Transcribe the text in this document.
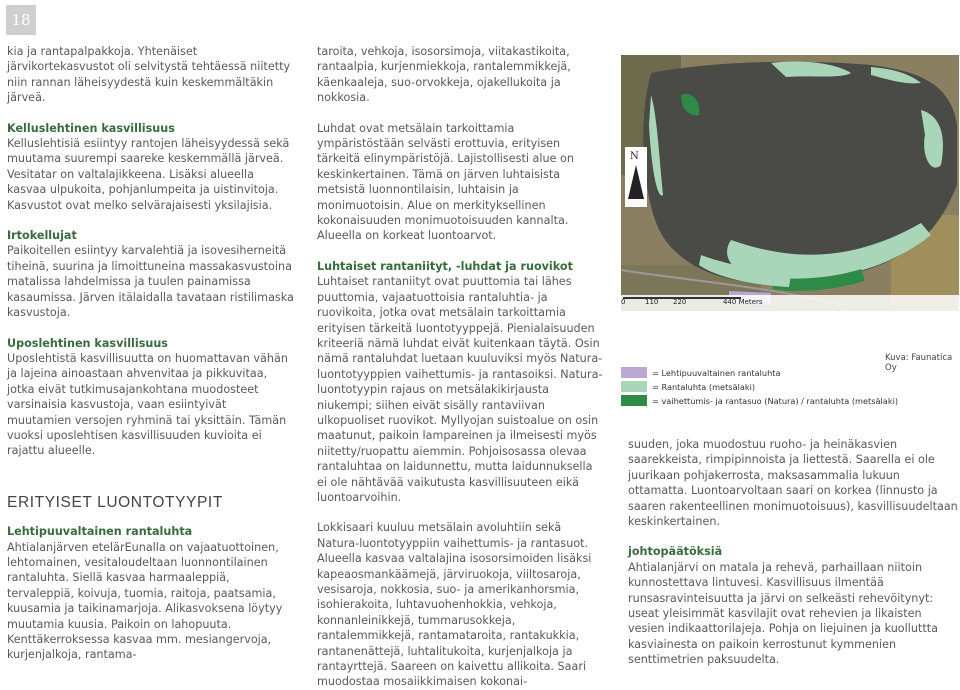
18

kia ja rantapalpakkoja. Yhtenäiset järvikortekasvustot oli selvitystä tehtäessä niitetty niin rannan läheisyydestä kuin keskemmältäkin järveä.

Kelluslehtinen kasvillisuus

Kelluslehtisiä esiintyy rantojen läheisyydessä sekä muutama suurempi saareke keskemmällä järveä. Vesitatar on valtalajikkeena. Lisäksi alueella kasvaa ulpukoita, pohjanlumpeita ja uistinvitoja. Kasvustot ovat melko selvärajaisesti yksilajisia.

Irtokellujat

Paikoitellen esiintyy karvalehtiä ja isovesiherneitä tiheinä, suurina ja limoittuneina massakasvustoina matalissa lahdelmissa ja tuulen painamissa kasaumissa. Järven itälaidalla tavataan ristilimaska kasvustoja.

Uposlehtinen kasvillisuus

Uposlehtistä kasvillisuutta on huomattavan vähän ja lajeina ainoastaan ahvenvitaa ja pikkuvitaa, jotka eivät tutkimusajankohtana muodosteet varsinaisia kasvustoja, vaan esiintyivät muutamien versojen ryhminä tai yksittäin. Tämän vuoksi uposlehtisen kasvillisuuden kuvioita ei rajattu alueelle.

ERITYISET LUONTOTYYPIT
Lehtipuuvaltainen rantaluhta

Ahtialanjärven etelärEunalla on vajaatuottoinen, lehtomainen, vesitaloudeltaan luonnontilainen rantaluhta. Siellä kasvaa harmaaleppiä, tervaleppiä, koivuja, tuomia, raitoja, paatsamia, kuusamia ja taikinamarjoja. Alikasvoksena löytyy muutamia kuusia. Paikoin on lahopuuta. Kenttäkerroksessa kasvaa mm. mesiangervoja, kurjenjalkoja, rantama-

taroita, vehkoja, isosorsimoja, viitakastikoita, rantaalpia, kurjenmiekkoja, rantalemmikkejä, käenkaaleja, suo-orvokkeja, ojakellukoita ja nokkosia.

Luhdat ovat metsälain tarkoittamia ympäristöstään selvästi erottuvia, erityisen tärkeitä elinympäristöjä. Lajistollisesti alue on keskinkertainen. Tämä on järven luhtaisista metsistä luonnontilaisin, luhtaisin ja monimuotoisin. Alue on merkityksellinen kokonaisuuden monimuotoisuuden kannalta. Alueella on korkeat luontoarvot.

Luhtaiset rantaniityt, -luhdat ja ruovikot

Luhtaiset rantaniityt ovat puuttomia tai lähes puuttomia, vajaatuottoisia rantaluhtia- ja ruovikoita, jotka ovat metsälain tarkoittamia erityisen tärkeitä luontotyyppejä. Pienialaisuuden kriteeriä nämä luhdat eivät kuitenkaan täytä. Osin nämä rantaluhdat luetaan kuuluviksi myös Natura-luontotyyppien vaihettumis- ja rantasoiksi. Natura-luontotyypin rajaus on metsälakikirjausta niukempi; siihen eivät sisälly rantaviivan ulkopuoliset ruovikot. Myllyojan suistoalue on osin maatunut, paikoin lampareinen ja ilmeisesti myös niitetty/ruopattu aiemmin. Pohjoisosassa olevaa rantaluhtaa on laidunnettu, mutta laidunnuksella ei ole nähtävää vaikutusta kasvillisuuteen eikä luontoarvoihin.

Lokkisaari kuuluu metsälain avoluhtiin sekä Natura-luontotyyppiin vaihettumis- ja rantasuot. Alueella kasvaa valtalajina isosorsimoiden lisäksi kapeaosmankäämejä, järviruokoja, viiltosaroja, vesisaroja, nokkosia, suo- ja amerikanhorsmia, isohierakoita, luhtavuohenhokkia, vehkoja, konnanleinikkejä, tummarusokkeja, rantalemmikkejä, rantamataroita, rantakukkia, rantanenättejä, luhtalitukoita, kurjenjalkoja ja rantayrttejä. Saareen on kaivettu allikoita. Saari muodostaa mosaiikkimaisen kokonai-

N
0	110	220	440 Meters
Kuva: Faunatica Oy
= Lehtipuuvaltainen rantaluhta
= Rantaluhta (metsälaki)
= vaihettumis- ja rantasuo (Natura) / rantaluhta (metsälaki)

suuden, joka muodostuu ruoho- ja heinäkasvien saarekkeista, rimpipinnoista ja liettestä. Saarella ei ole juurikaan pohjakerrosta, maksasammalia lukuun ottamatta. Luontoarvoltaan saari on korkea (linnusto ja saaren rakenteellinen monimuotoisuus), kasvillisuudeltaan keskinkertainen.

johtopäätöksiä

Ahtialanjärvi on matala ja rehevä, parhaillaan niitoin kunnostettava lintuvesi. Kasvillisuus ilmentää runsasravinteisuutta ja järvi on selkeästi rehevöitynyt: useat yleisimmät kasvilajit ovat rehevien ja likaisten vesien indikaattorilajeja. Pohja on liejuinen ja kuolluttta kasviainesta on paikoin kerrostunut kymmenien senttimetrien paksuudelta.
